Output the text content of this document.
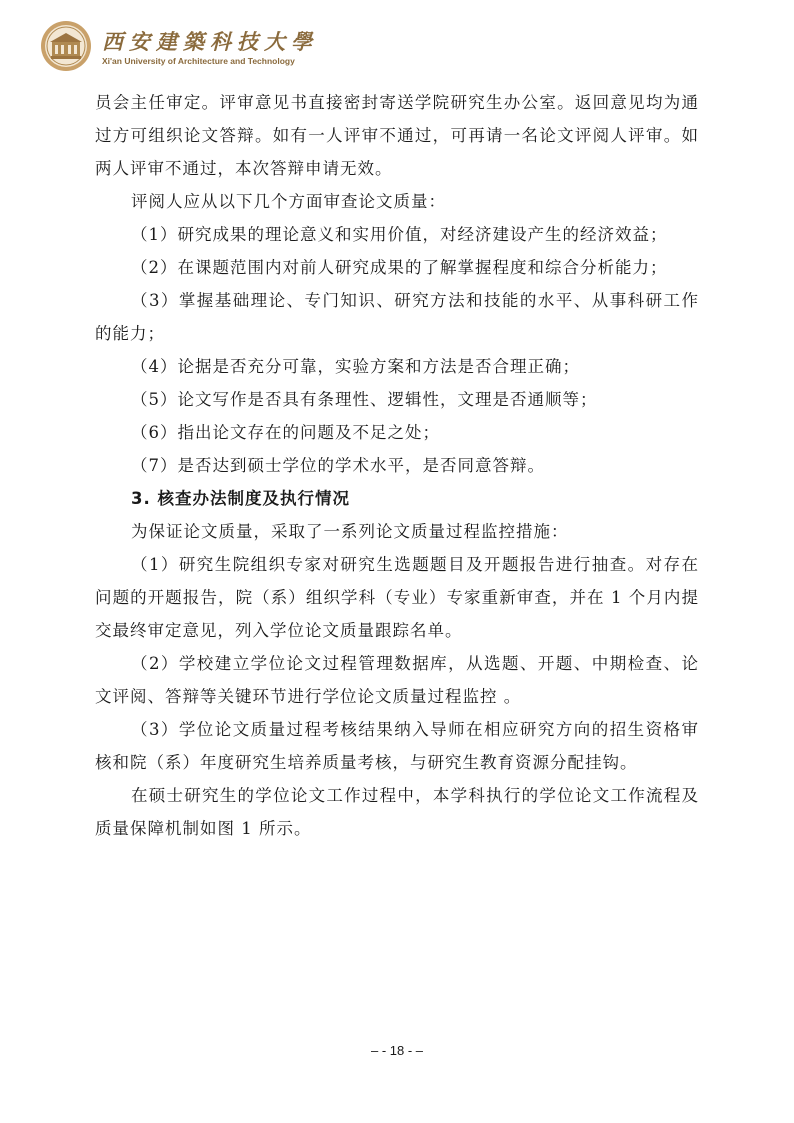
西安建築科技大學
Xi'an University of Architecture and Technology

员会主任审定。评审意见书直接密封寄送学院研究生办公室。返回意见均为通过方可组织论文答辩。如有一人评审不通过，可再请一名论文评阅人评审。如两人评审不通过，本次答辩申请无效。

评阅人应从以下几个方面审查论文质量：

（1）研究成果的理论意义和实用价值，对经济建设产生的经济效益；

（2）在课题范围内对前人研究成果的了解掌握程度和综合分析能力；

（3）掌握基础理论、专门知识、研究方法和技能的水平、从事科研工作的能力；

（4）论据是否充分可靠，实验方案和方法是否合理正确；

（5）论文写作是否具有条理性、逻辑性，文理是否通顺等；

（6）指出论文存在的问题及不足之处；

（7）是否达到硕士学位的学术水平，是否同意答辩。

3. 核查办法制度及执行情况

为保证论文质量，采取了一系列论文质量过程监控措施：

（1）研究生院组织专家对研究生选题题目及开题报告进行抽查。对存在问题的开题报告，院（系）组织学科（专业）专家重新审查，并在 1 个月内提交最终审定意见，列入学位论文质量跟踪名单。

（2）学校建立学位论文过程管理数据库，从选题、开题、中期检查、论文评阅、答辩等关键环节进行学位论文质量过程监控 。

（3）学位论文质量过程考核结果纳入导师在相应研究方向的招生资格审核和院（系）年度研究生培养质量考核，与研究生教育资源分配挂钩。

在硕士研究生的学位论文工作过程中，本学科执行的学位论文工作流程及质量保障机制如图 1 所示。

– - 18 - –
